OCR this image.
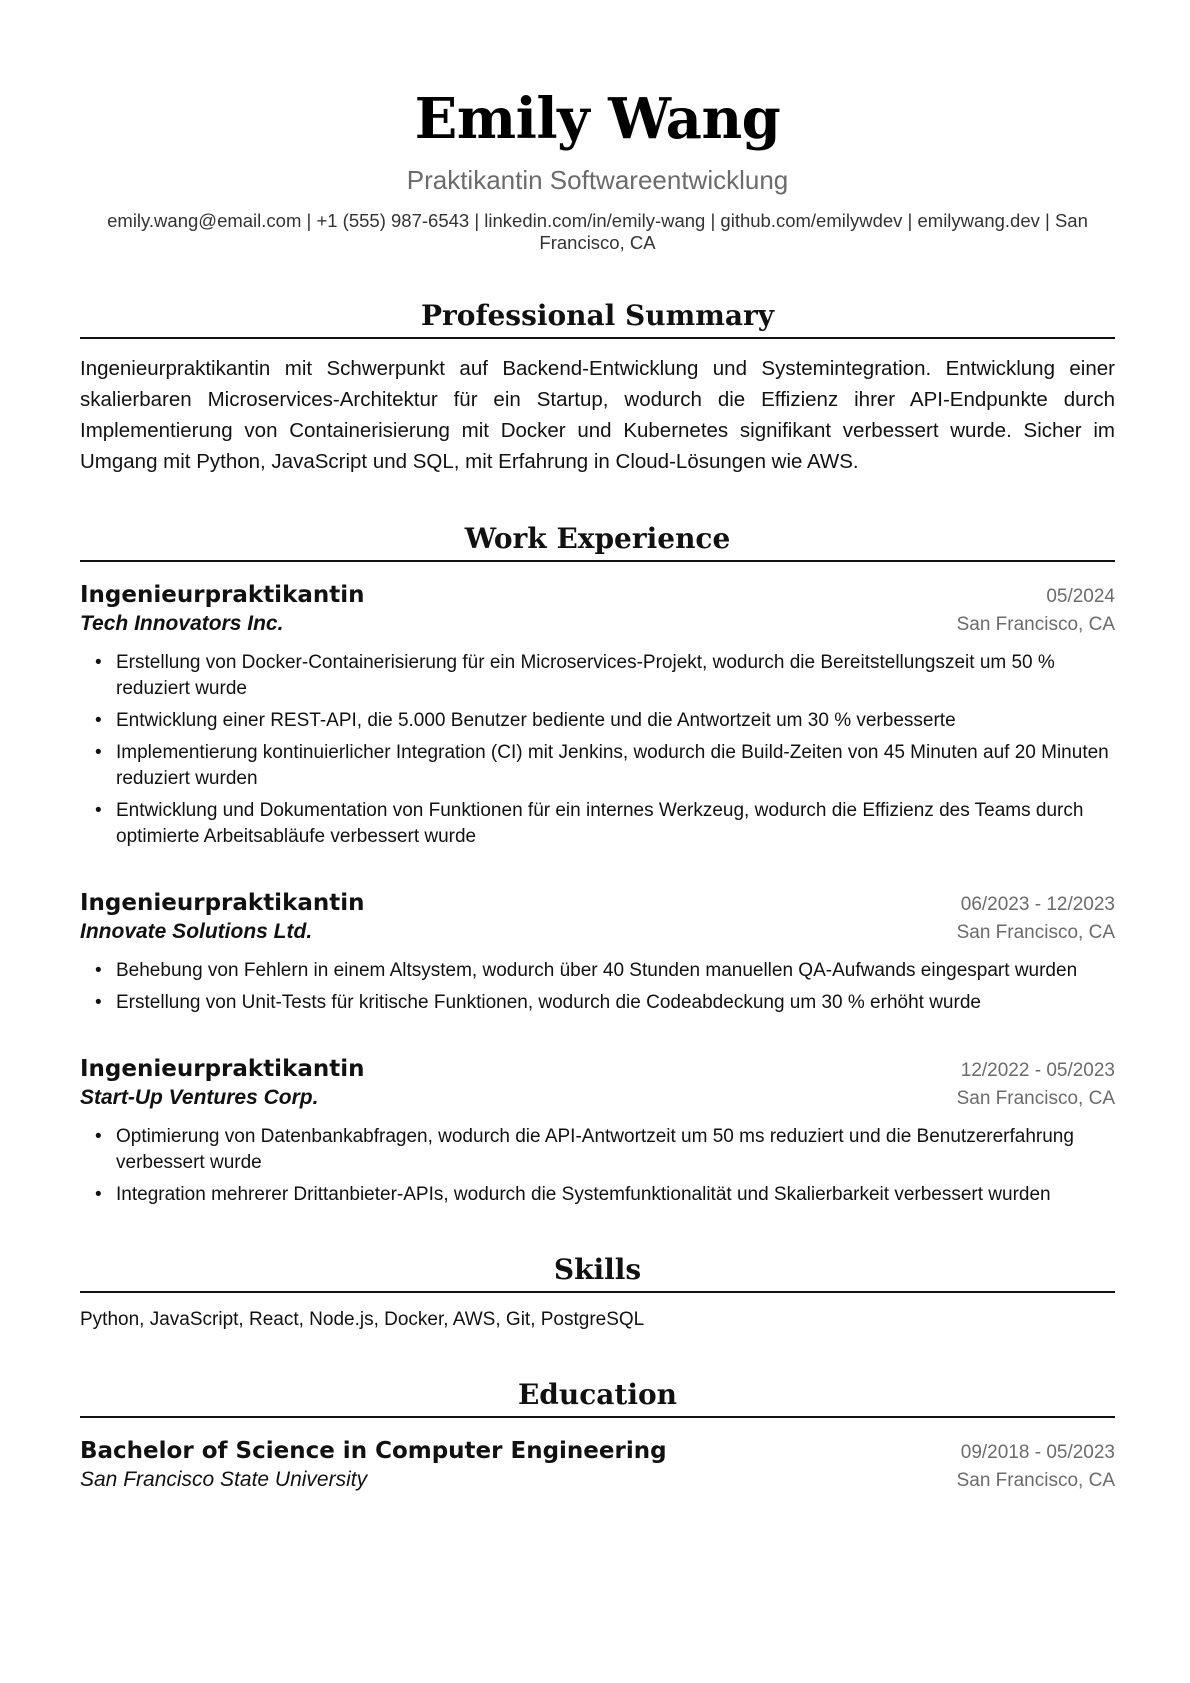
Emily Wang
Praktikantin Softwareentwicklung
emily.wang@email.com | +1 (555) 987-6543 | linkedin.com/in/emily-wang | github.com/emilywdev | emilywang.dev | San Francisco, CA
Professional Summary

Ingenieurpraktikantin mit Schwerpunkt auf Backend-Entwicklung und Systemintegration. Entwicklung einer skalierbaren Microservices-Architektur für ein Startup, wodurch die Effizienz ihrer API-Endpunkte durch Implementierung von Containerisierung mit Docker und Kubernetes signifikant verbessert wurde. Sicher im Umgang mit Python, JavaScript und SQL, mit Erfahrung in Cloud-Lösungen wie AWS.

Work Experience
Ingenieurpraktikantin	05/2024
Tech Innovators Inc.	San Francisco, CA
• Erstellung von Docker-Containerisierung für ein Microservices-Projekt, wodurch die Bereitstellungszeit um 50 % reduziert wurde
• Entwicklung einer REST-API, die 5.000 Benutzer bediente und die Antwortzeit um 30 % verbesserte
• Implementierung kontinuierlicher Integration (CI) mit Jenkins, wodurch die Build-Zeiten von 45 Minuten auf 20 Minuten reduziert wurden
• Entwicklung und Dokumentation von Funktionen für ein internes Werkzeug, wodurch die Effizienz des Teams durch optimierte Arbeitsabläufe verbessert wurde
Ingenieurpraktikantin	06/2023 - 12/2023
Innovate Solutions Ltd.	San Francisco, CA
• Behebung von Fehlern in einem Altsystem, wodurch über 40 Stunden manuellen QA-Aufwands eingespart wurden
• Erstellung von Unit-Tests für kritische Funktionen, wodurch die Codeabdeckung um 30 % erhöht wurde
Ingenieurpraktikantin	12/2022 - 05/2023
Start-Up Ventures Corp.	San Francisco, CA
• Optimierung von Datenbankabfragen, wodurch die API-Antwortzeit um 50 ms reduziert und die Benutzererfahrung verbessert wurde
• Integration mehrerer Drittanbieter-APIs, wodurch die Systemfunktionalität und Skalierbarkeit verbessert wurden
Skills

Python, JavaScript, React, Node.js, Docker, AWS, Git, PostgreSQL

Education
Bachelor of Science in Computer Engineering	09/2018 - 05/2023
San Francisco State University	San Francisco, CA
